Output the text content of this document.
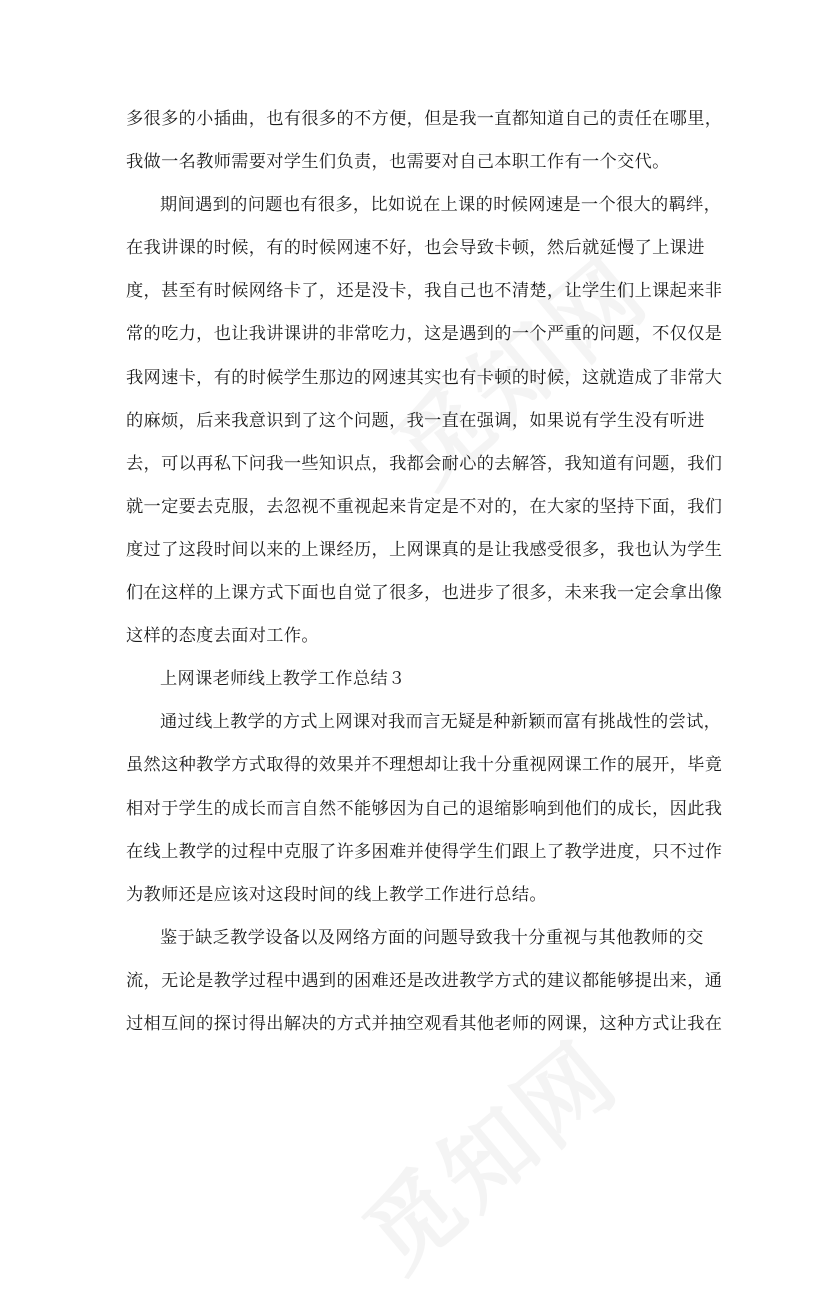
多很多的小插曲，也有很多的不方便，但是我一直都知道自己的责任在哪里，
我做一名教师需要对学生们负责，也需要对自己本职工作有一个交代。
期间遇到的问题也有很多，比如说在上课的时候网速是一个很大的羁绊，
在我讲课的时候，有的时候网速不好，也会导致卡顿，然后就延慢了上课进
度，甚至有时候网络卡了，还是没卡，我自己也不清楚，让学生们上课起来非
常的吃力，也让我讲课讲的非常吃力，这是遇到的一个严重的问题，不仅仅是
我网速卡，有的时候学生那边的网速其实也有卡顿的时候，这就造成了非常大
的麻烦，后来我意识到了这个问题，我一直在强调，如果说有学生没有听进
去，可以再私下问我一些知识点，我都会耐心的去解答，我知道有问题，我们
就一定要去克服，去忽视不重视起来肯定是不对的，在大家的坚持下面，我们
度过了这段时间以来的上课经历，上网课真的是让我感受很多，我也认为学生
们在这样的上课方式下面也自觉了很多，也进步了很多，未来我一定会拿出像
这样的态度去面对工作。
上网课老师线上教学工作总结３
通过线上教学的方式上网课对我而言无疑是种新颖而富有挑战性的尝试，
虽然这种教学方式取得的效果并不理想却让我十分重视网课工作的展开，毕竟
相对于学生的成长而言自然不能够因为自己的退缩影响到他们的成长，因此我
在线上教学的过程中克服了许多困难并使得学生们跟上了教学进度，只不过作
为教师还是应该对这段时间的线上教学工作进行总结。
鉴于缺乏教学设备以及网络方面的问题导致我十分重视与其他教师的交
流，无论是教学过程中遇到的困难还是改进教学方式的建议都能够提出来，通
过相互间的探讨得出解决的方式并抽空观看其他老师的网课，这种方式让我在
